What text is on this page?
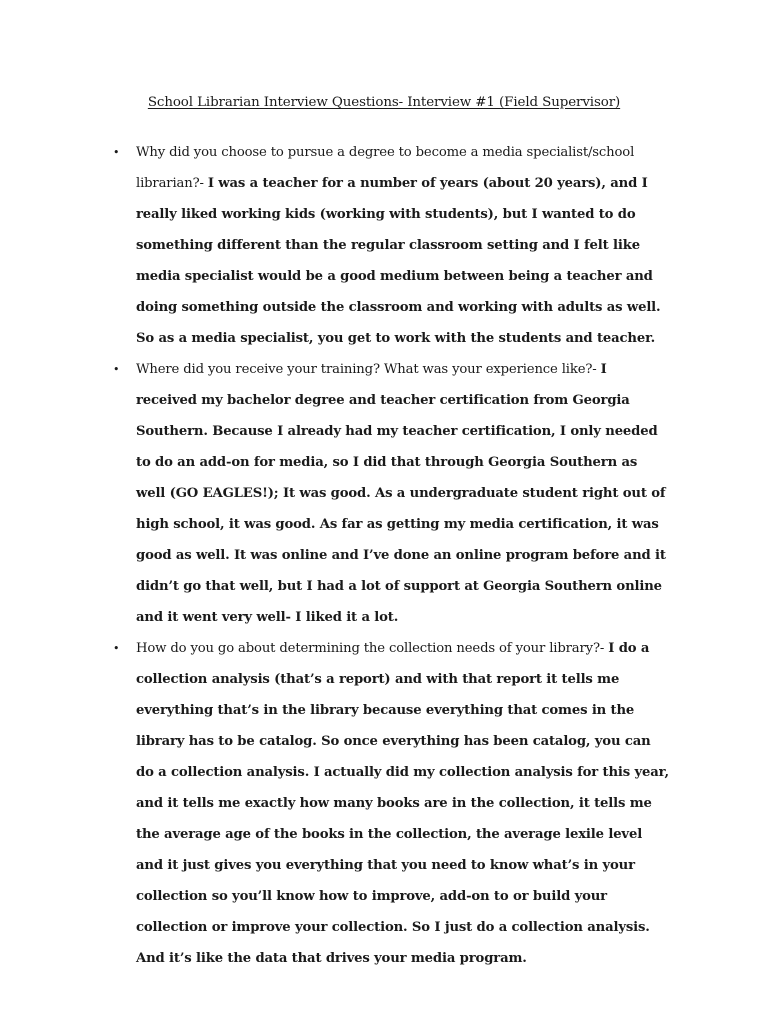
School Librarian Interview Questions- Interview #1 (Field Supervisor)
• Why did you choose to pursue a degree to become a media specialist/school librarian?- I was a teacher for a number of years (about 20 years), and I really liked working kids (working with students), but I wanted to do something different than the regular classroom setting and I felt like media specialist would be a good medium between being a teacher and doing something outside the classroom and working with adults as well. So as a media specialist, you get to work with the students and teacher.
• Where did you receive your training? What was your experience like?- I received my bachelor degree and teacher certification from Georgia Southern. Because I already had my teacher certification, I only needed to do an add-on for media, so I did that through Georgia Southern as well (GO EAGLES!); It was good. As a undergraduate student right out of high school, it was good. As far as getting my media certification, it was good as well. It was online and I’ve done an online program before and it didn’t go that well, but I had a lot of support at Georgia Southern online and it went very well- I liked it a lot.
• How do you go about determining the collection needs of your library?- I do a collection analysis (that’s a report) and with that report it tells me everything that’s in the library because everything that comes in the library has to be catalog. So once everything has been catalog, you can do a collection analysis. I actually did my collection analysis for this year, and it tells me exactly how many books are in the collection, it tells me the average age of the books in the collection, the average lexile level and it just gives you everything that you need to know what’s in your collection so you’ll know how to improve, add-on to or build your collection or improve your collection. So I just do a collection analysis. And it’s like the data that drives your media program.
